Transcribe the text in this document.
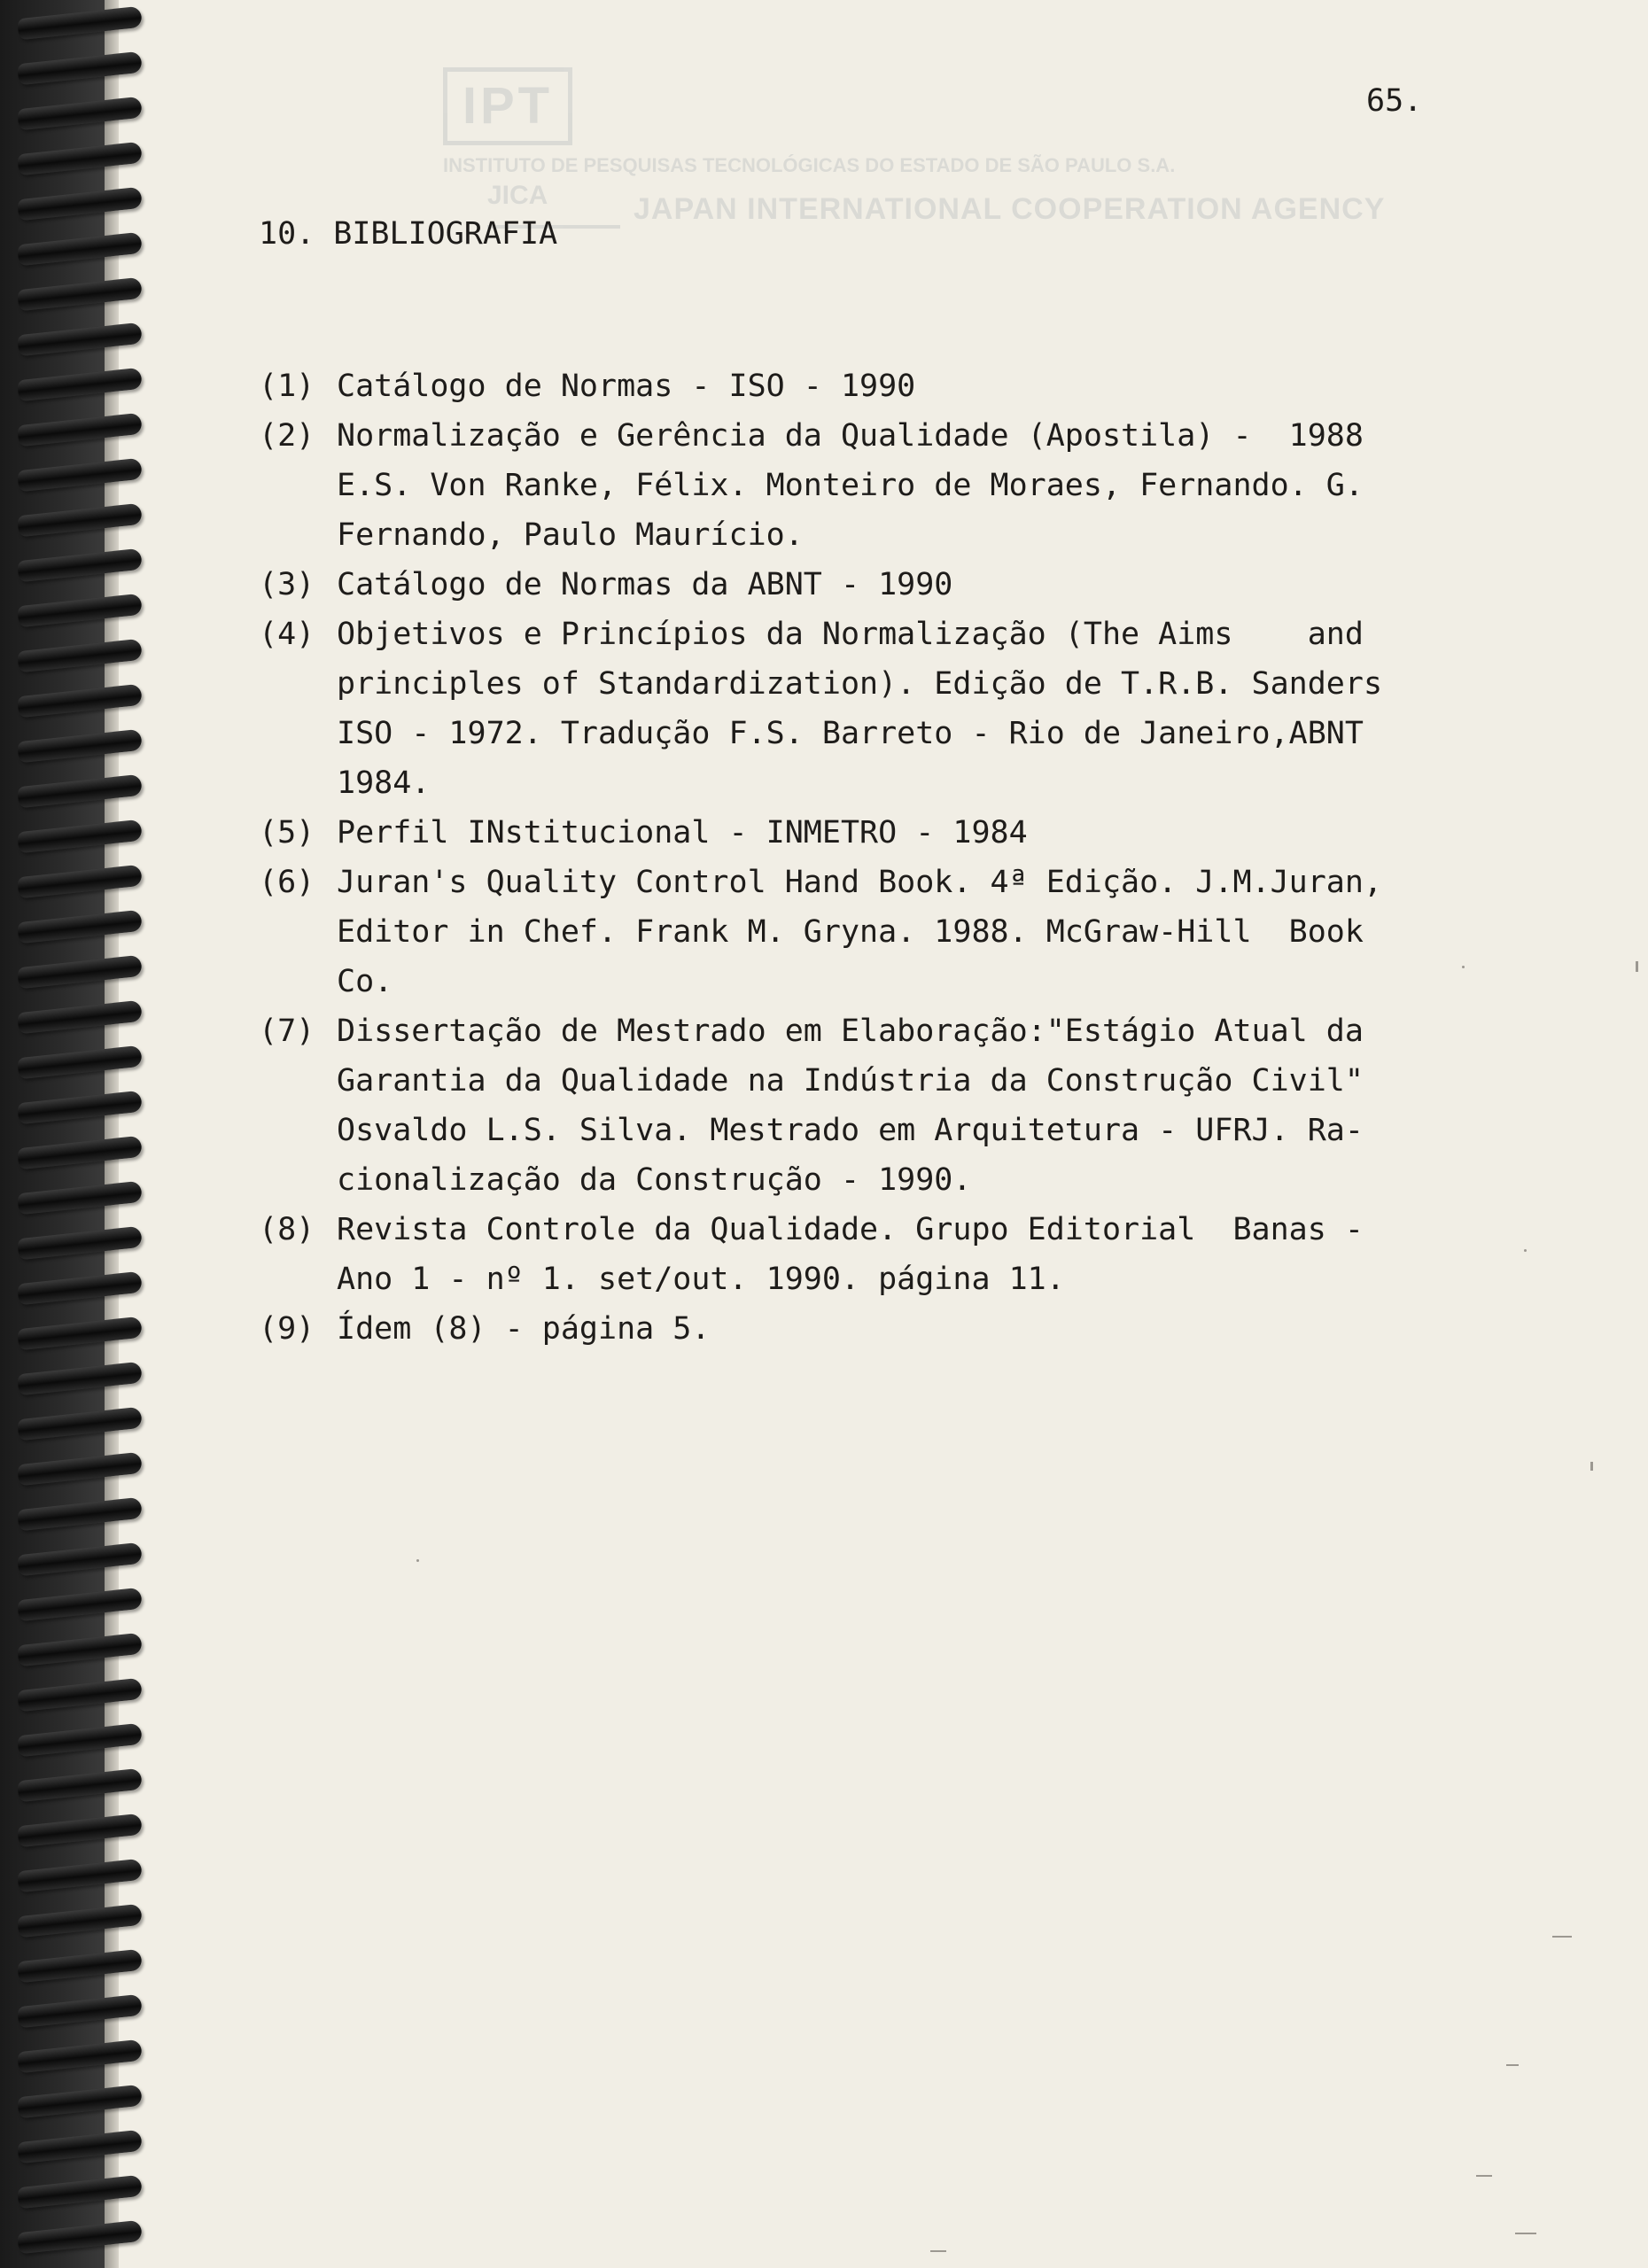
IPT
INSTITUTO DE PESQUISAS TECNOLÓGICAS DO ESTADO DE SÃO PAULO S.A.
JICA	JAPAN INTERNATIONAL COOPERATION AGENCY
65.
10. BIBLIOGRAFIA
(1) Catálogo de Normas - ISO - 1990
(2) Normalização e Gerência da Qualidade (Apostila) -  1988
E.S. Von Ranke, Félix. Monteiro de Moraes, Fernando. G.
Fernando, Paulo Maurício.
(3) Catálogo de Normas da ABNT - 1990
(4) Objetivos e Princípios da Normalização (The Aims    and
principles of Standardization). Edição de T.R.B. Sanders
ISO - 1972. Tradução F.S. Barreto - Rio de Janeiro,ABNT
1984.
(5) Perfil INstitucional - INMETRO - 1984
(6) Juran's Quality Control Hand Book. 4ª Edição. J.M.Juran,
Editor in Chef. Frank M. Gryna. 1988. McGraw-Hill  Book
Co.
(7) Dissertação de Mestrado em Elaboração:"Estágio Atual da
Garantia da Qualidade na Indústria da Construção Civil"
Osvaldo L.S. Silva. Mestrado em Arquitetura - UFRJ. Ra-
cionalização da Construção - 1990.
(8) Revista Controle da Qualidade. Grupo Editorial  Banas -
Ano 1 - nº 1. set/out. 1990. página 11.
(9) Ídem (8) - página 5.
